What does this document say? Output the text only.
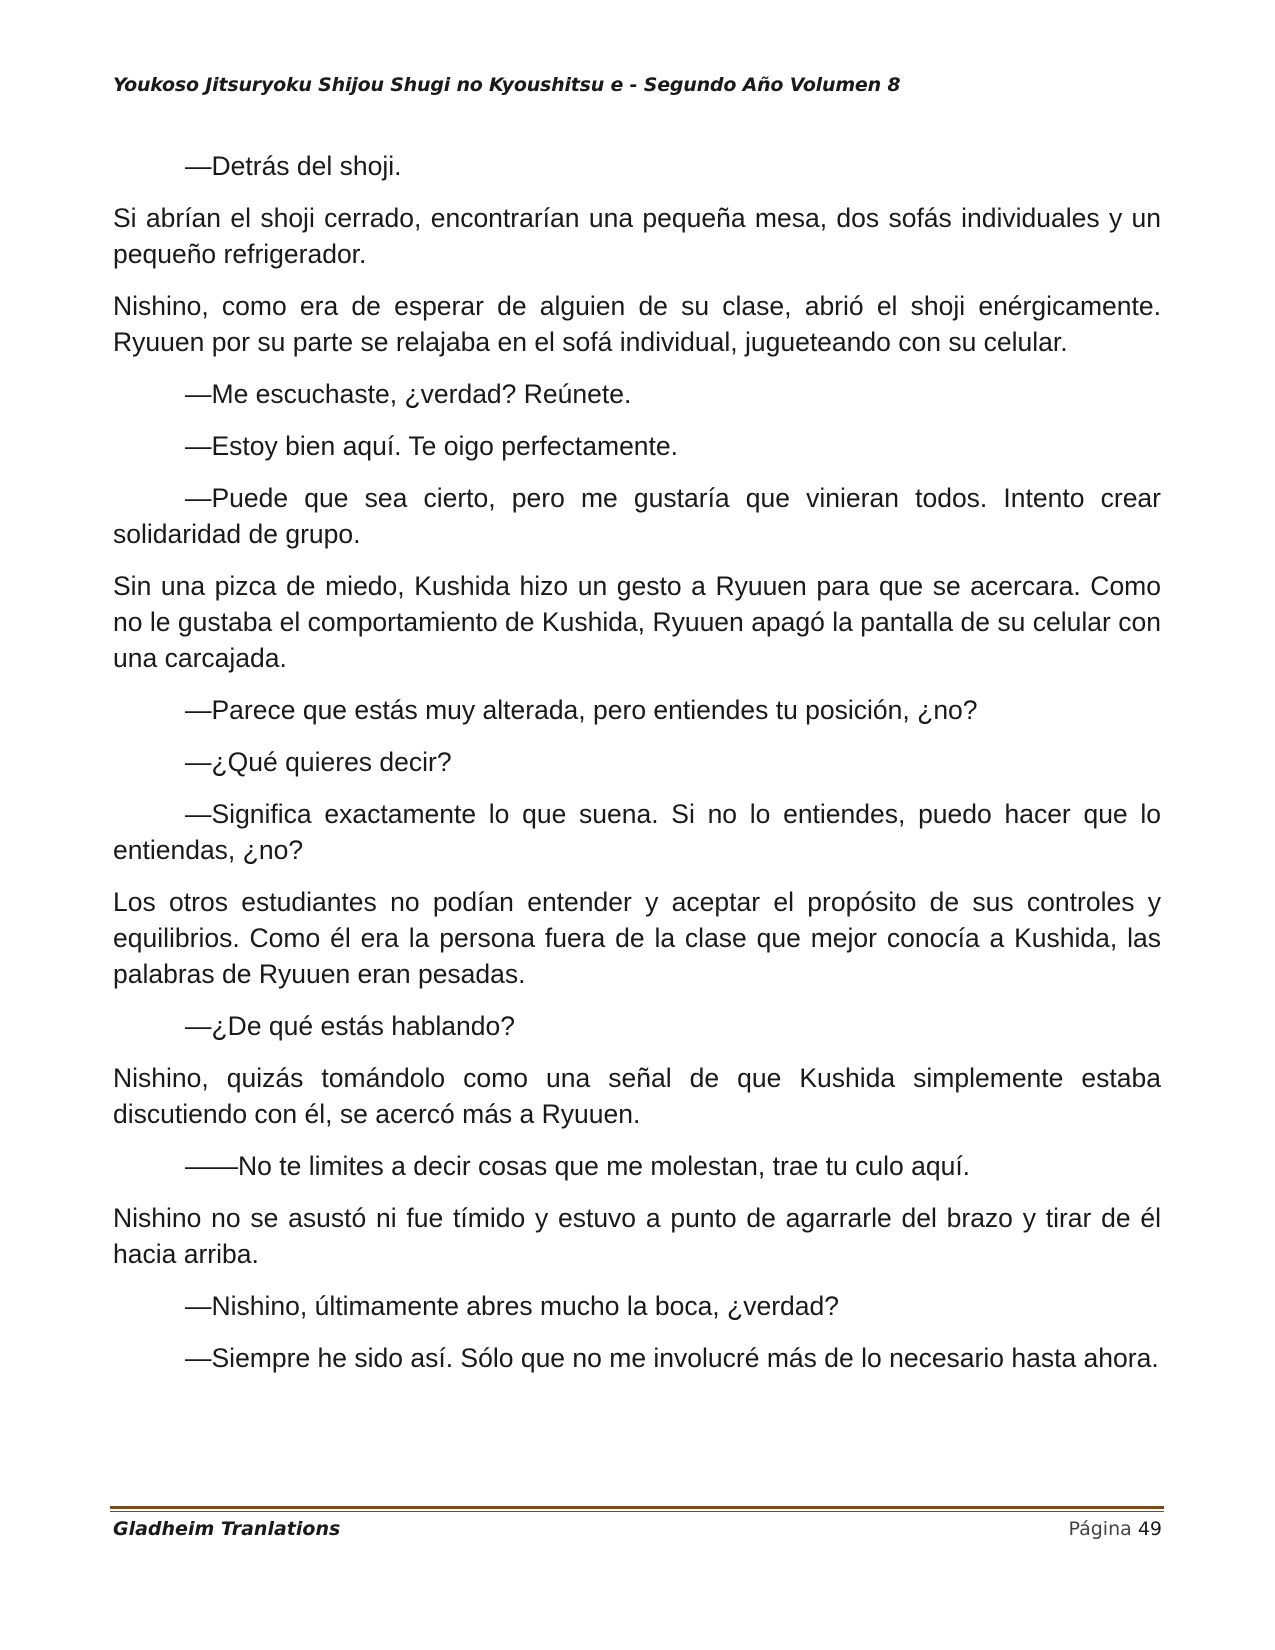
Youkoso Jitsuryoku Shijou Shugi no Kyoushitsu e - Segundo Año Volumen 8

—Detrás del shoji.

Si abrían el shoji cerrado, encontrarían una pequeña mesa, dos sofás individuales y un pequeño refrigerador.

Nishino, como era de esperar de alguien de su clase, abrió el shoji enérgicamente. Ryuuen por su parte se relajaba en el sofá individual, jugueteando con su celular.

—Me escuchaste, ¿verdad? Reúnete.

—Estoy bien aquí. Te oigo perfectamente.

—Puede que sea cierto, pero me gustaría que vinieran todos. Intento crear solidaridad de grupo.

Sin una pizca de miedo, Kushida hizo un gesto a Ryuuen para que se acercara. Como no le gustaba el comportamiento de Kushida, Ryuuen apagó la pantalla de su celular con una carcajada.

—Parece que estás muy alterada, pero entiendes tu posición, ¿no?

—¿Qué quieres decir?

—Significa exactamente lo que suena. Si no lo entiendes, puedo hacer que lo entiendas, ¿no?

Los otros estudiantes no podían entender y aceptar el propósito de sus controles y equilibrios. Como él era la persona fuera de la clase que mejor conocía a Kushida, las palabras de Ryuuen eran pesadas.

—¿De qué estás hablando?

Nishino, quizás tomándolo como una señal de que Kushida simplemente estaba discutiendo con él, se acercó más a Ryuuen.

——No te limites a decir cosas que me molestan, trae tu culo aquí.

Nishino no se asustó ni fue tímido y estuvo a punto de agarrarle del brazo y tirar de él hacia arriba.

—Nishino, últimamente abres mucho la boca, ¿verdad?

—Siempre he sido así. Sólo que no me involucré más de lo necesario hasta ahora.

Gladheim Tranlations	Página 49
